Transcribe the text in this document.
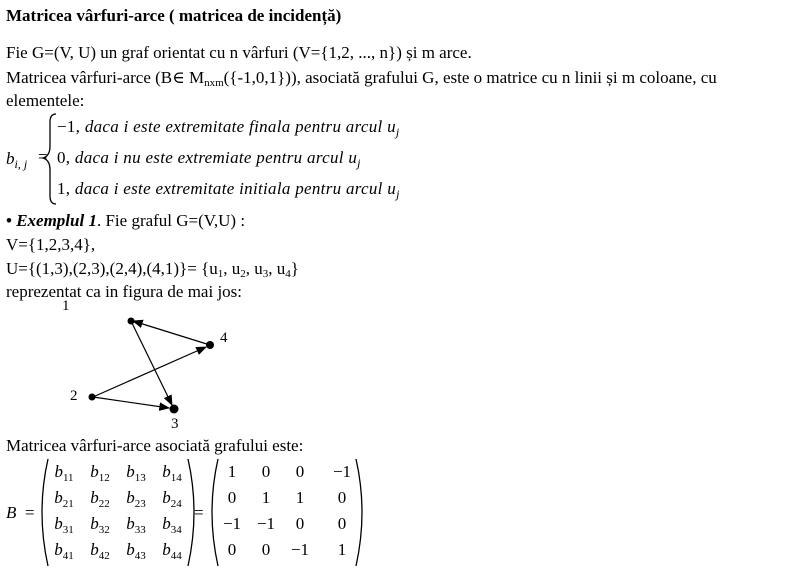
Matricea vârfuri-arce ( matricea de incidență)
Fie G=(V, U) un graf orientat cu n vârfuri (V={1,2, ..., n}) și m arce.
Matricea vârfuri-arce (B∈ $M_{nxm}(\{-1,0,1\})$), asociată grafului G, este o matrice cu n linii și m coloane, cu
elementele:
$b_{i, j}$ =
−1, daca i este extremitate finala pentru arcul $u_j$
0, daca i nu este extremiate pentru arcul $u_j$
1, daca i este extremitate initiala pentru arcul $u_j$
• Exemplul 1. Fie graful G=(V,U) :
V={1,2,3,4},
$U=\{(1,3),(2,3),(2,4),(4,1)\}= \{u_1$, $u_2$, $u_3$, $u_4$}
reprezentat ca in figura de mai jos:
1
2
3
4
Matricea vârfuri-arce asociată grafului este:
B =	=
$b_{11}$ $b_{12}$ $b_{13}$ $b_{14}$
$b_{21}$ $b_{22}$ $b_{23}$ $b_{24}$
$b_{31}$ $b_{32}$ $b_{33}$ $b_{34}$
$b_{41}$ $b_{42}$ $b_{43}$ $b_{44}$
1	0	0	−1
0	1	1	0
−1 −1	0	0
0	0	−1	1
